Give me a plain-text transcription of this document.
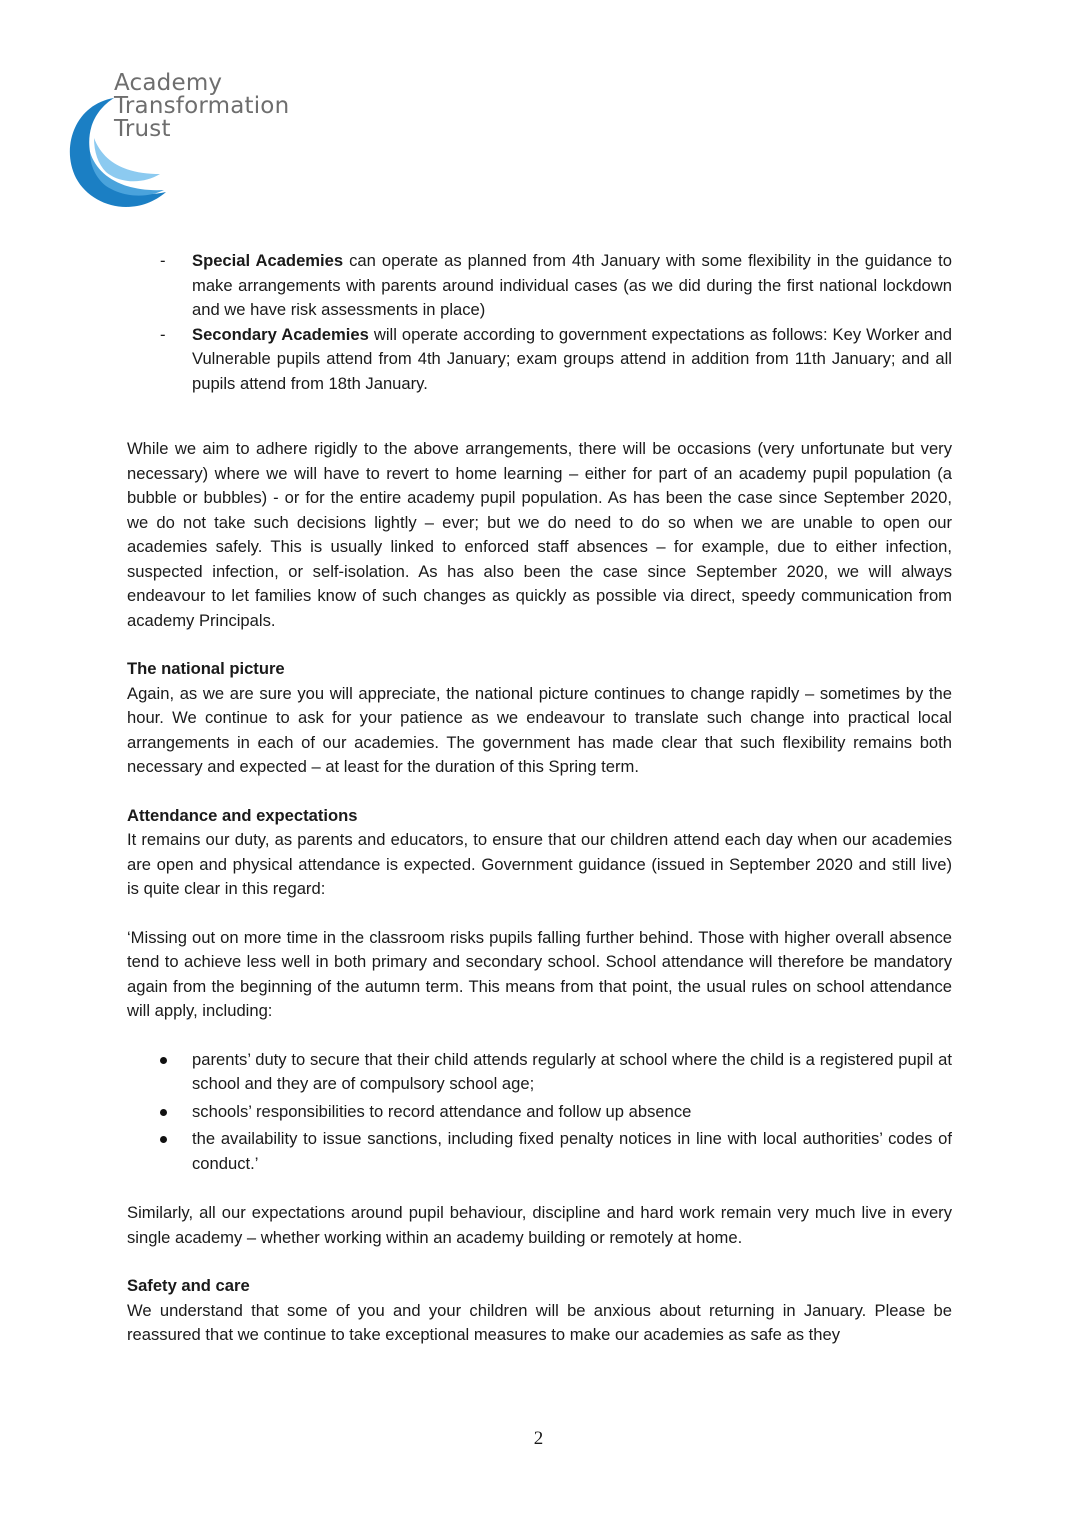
Academy
Transformation
Trust
- Special Academies can operate as planned from 4th January with some flexibility in the guidance to make arrangements with parents around individual cases (as we did during the first national lockdown and we have risk assessments in place)
- Secondary Academies will operate according to government expectations as follows: Key Worker and Vulnerable pupils attend from 4th January; exam groups attend in addition from 11th January; and all pupils attend from 18th January.

While we aim to adhere rigidly to the above arrangements, there will be occasions (very unfortunate but very necessary) where we will have to revert to home learning – either for part of an academy pupil population (a bubble or bubbles) - or for the entire academy pupil population. As has been the case since September 2020, we do not take such decisions lightly – ever; but we do need to do so when we are unable to open our academies safely. This is usually linked to enforced staff absences – for example, due to either infection, suspected infection, or self-isolation. As has also been the case since September 2020, we will always endeavour to let families know of such changes as quickly as possible via direct, speedy communication from academy Principals.

The national picture

Again, as we are sure you will appreciate, the national picture continues to change rapidly – sometimes by the hour. We continue to ask for your patience as we endeavour to translate such change into practical local arrangements in each of our academies. The government has made clear that such flexibility remains both necessary and expected – at least for the duration of this Spring term.

Attendance and expectations

It remains our duty, as parents and educators, to ensure that our children attend each day when our academies are open and physical attendance is expected. Government guidance (issued in September 2020 and still live) is quite clear in this regard:

‘Missing out on more time in the classroom risks pupils falling further behind. Those with higher overall absence tend to achieve less well in both primary and secondary school. School attendance will therefore be mandatory again from the beginning of the autumn term. This means from that point, the usual rules on school attendance will apply, including:

parents’ duty to secure that their child attends regularly at school where the child is a registered pupil at school and they are of compulsory school age;
schools’ responsibilities to record attendance and follow up absence
the availability to issue sanctions, including fixed penalty notices in line with local authorities’ codes of conduct.’

Similarly, all our expectations around pupil behaviour, discipline and hard work remain very much live in every single academy – whether working within an academy building or remotely at home.

Safety and care

We understand that some of you and your children will be anxious about returning in January. Please be reassured that we continue to take exceptional measures to make our academies as safe as they

2
